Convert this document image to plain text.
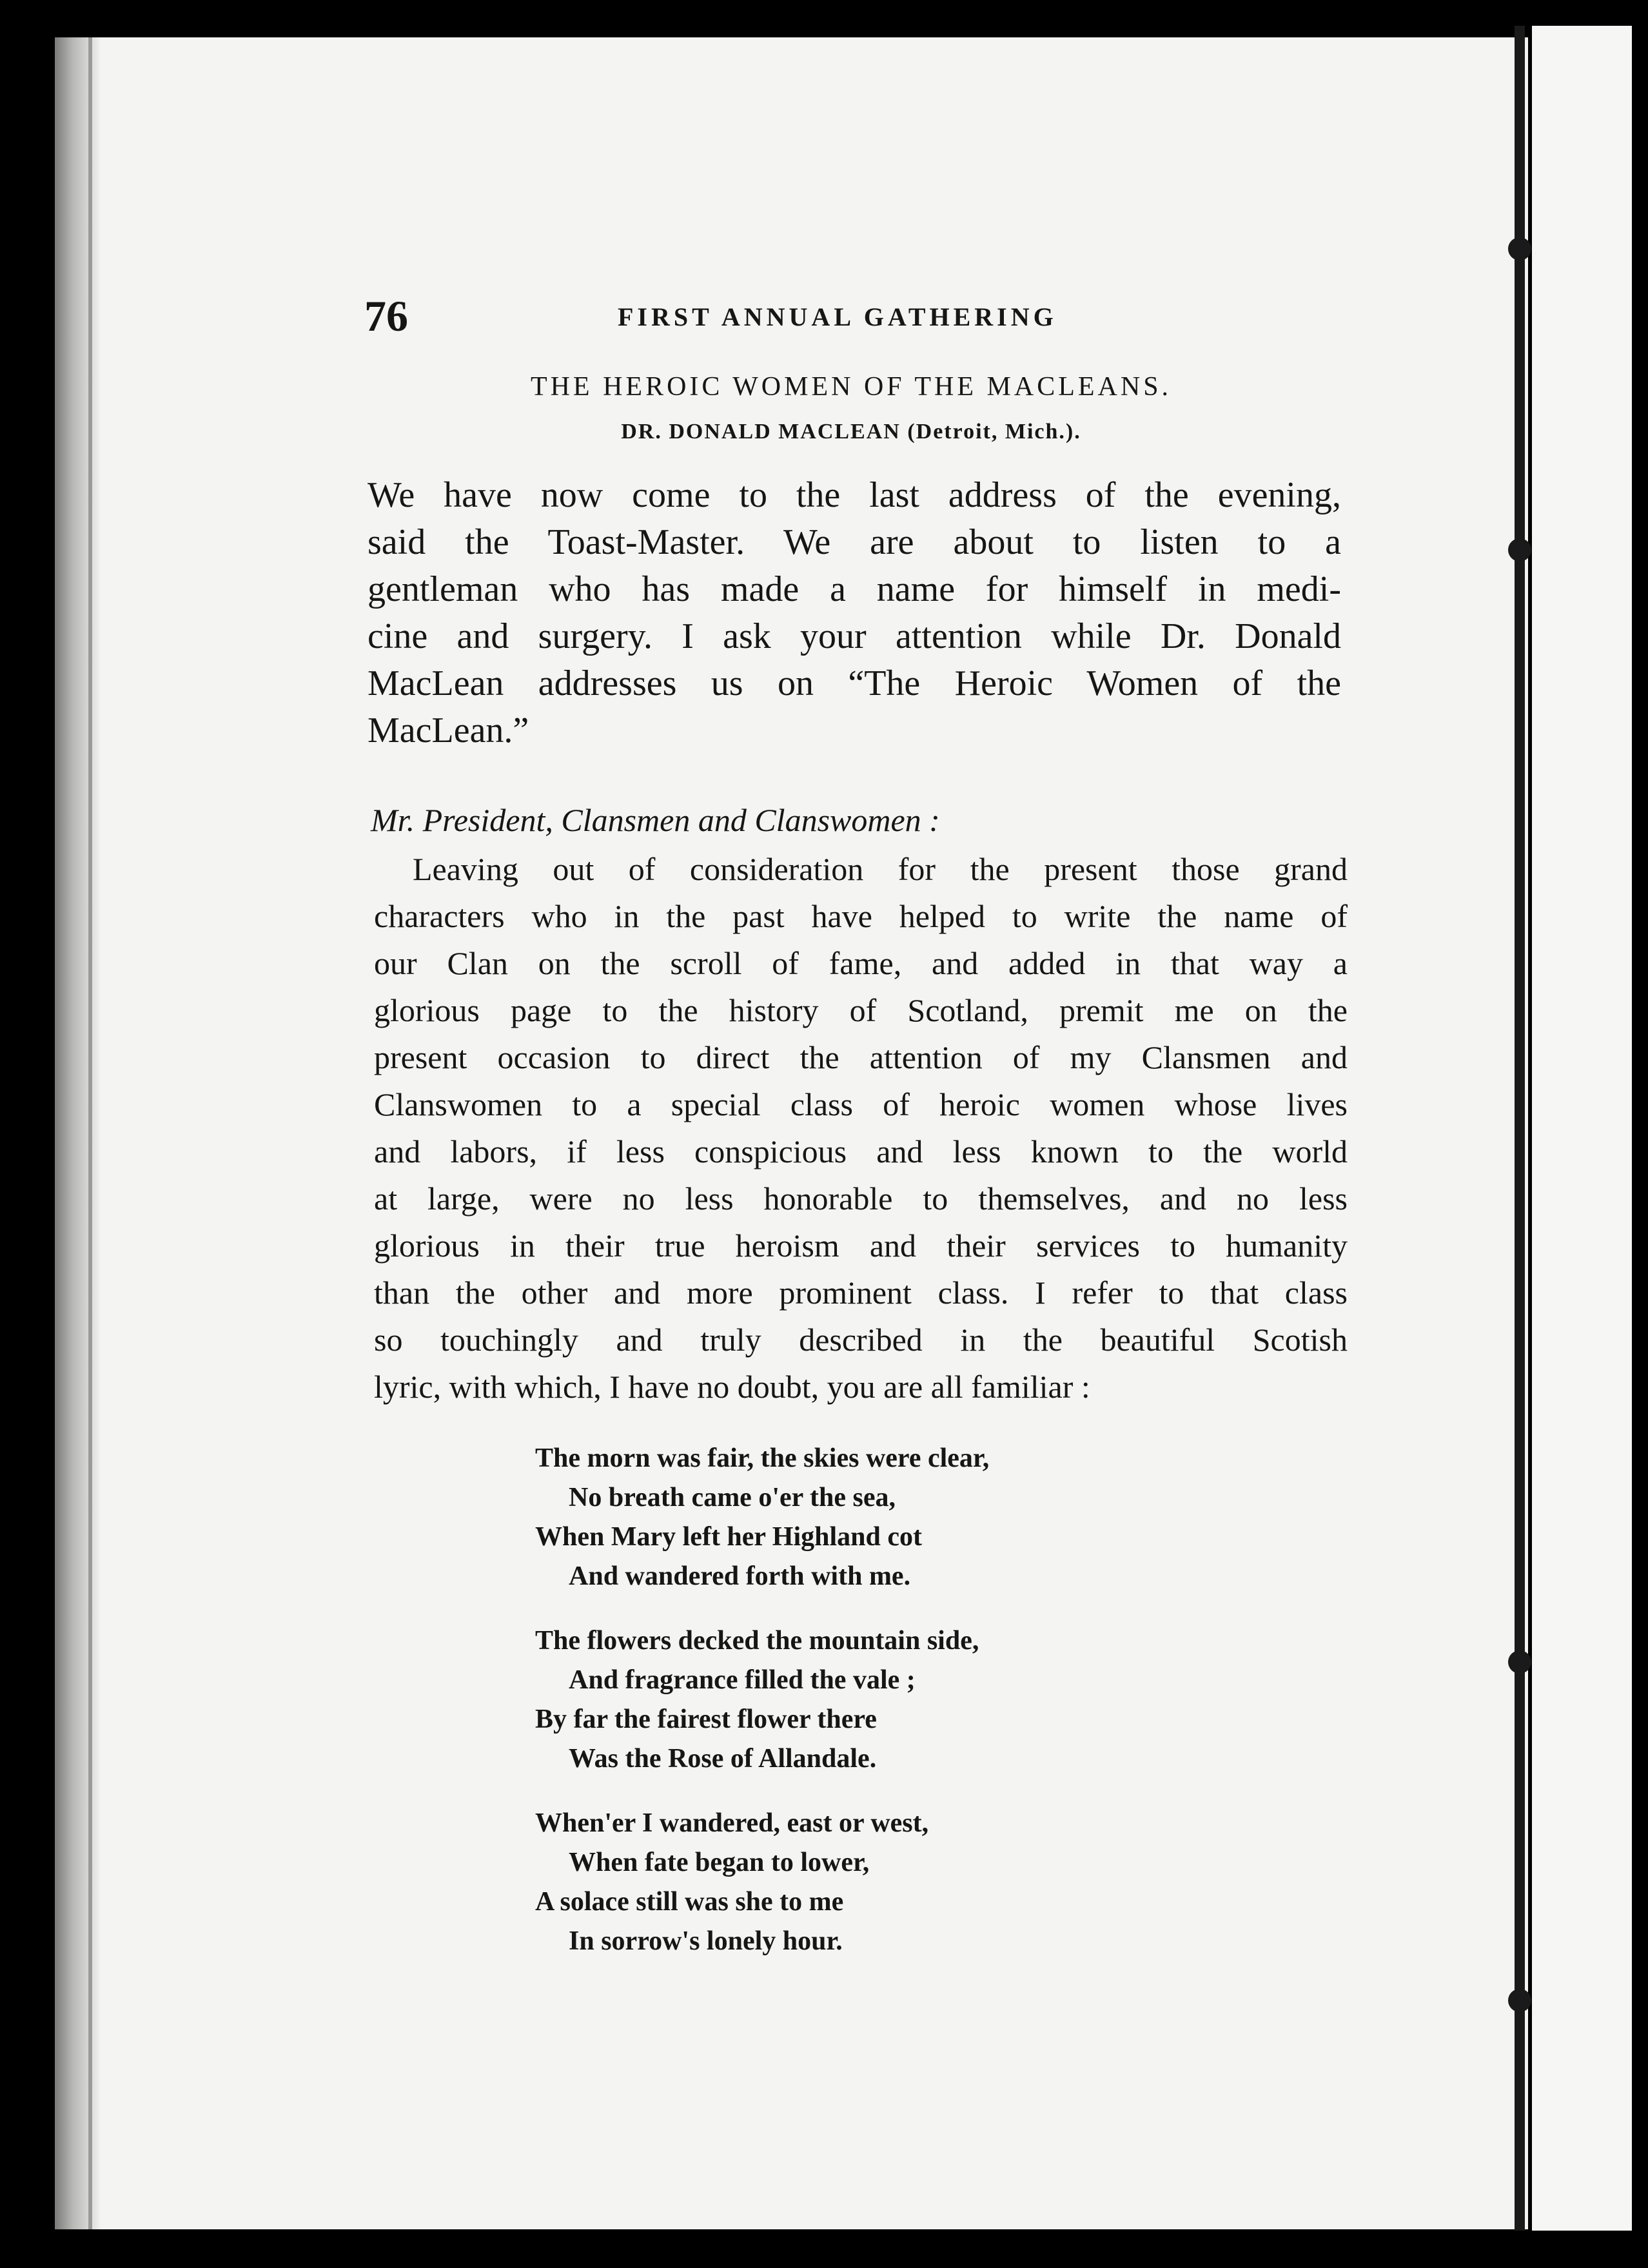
76	FIRST ANNUAL GATHERING
THE HEROIC WOMEN OF THE MACLEANS.
DR. DONALD MACLEAN (Detroit, Mich.).
We have now come to the last address of the evening,
said the Toast-Master. We are about to listen to a
gentleman who has made a name for himself in medi-
cine and surgery. I ask your attention while Dr. Donald
MacLean addresses us on “The Heroic Women of the
MacLean.”
Mr. President, Clansmen and Clanswomen :
Leaving out of consideration for the present those grand
characters who in the past have helped to write the name of
our Clan on the scroll of fame, and added in that way a
glorious page to the history of Scotland, premit me on the
present occasion to direct the attention of my Clansmen and
Clanswomen to a special class of heroic women whose lives
and labors, if less conspicious and less known to the world
at large, were no less honorable to themselves, and no less
glorious in their true heroism and their services to humanity
than the other and more prominent class. I refer to that class
so touchingly and truly described in the beautiful Scotish
lyric, with which, I have no doubt, you are all familiar :
The morn was fair, the skies were clear,
No breath came o'er the sea,
When Mary left her Highland cot
And wandered forth with me.
The flowers decked the mountain side,
And fragrance filled the vale ;
By far the fairest flower there
Was the Rose of Allandale.
When'er I wandered, east or west,
When fate began to lower,
A solace still was she to me
In sorrow's lonely hour.
